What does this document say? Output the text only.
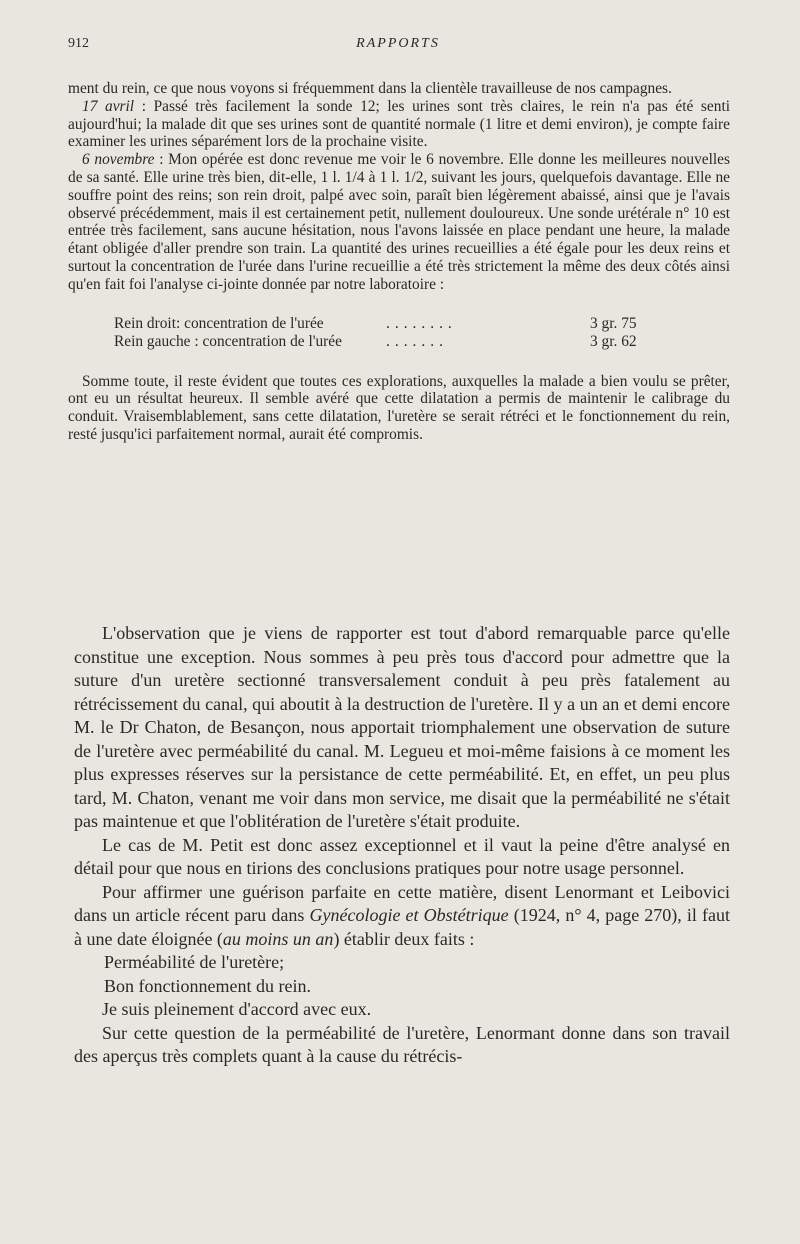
912	RAPPORTS

ment du rein, ce que nous voyons si fréquemment dans la clientèle travailleuse de nos campagnes.

17 avril : Passé très facilement la sonde 12; les urines sont très claires, le rein n'a pas été senti aujourd'hui; la malade dit que ses urines sont de quantité normale (1 litre et demi environ), je compte faire examiner les urines séparément lors de la prochaine visite.

6 novembre : Mon opérée est donc revenue me voir le 6 novembre. Elle donne les meilleures nouvelles de sa santé. Elle urine très bien, dit-elle, 1 l. 1/4 à 1 l. 1/2, suivant les jours, quelquefois davantage. Elle ne souffre point des reins; son rein droit, palpé avec soin, paraît bien légèrement abaissé, ainsi que je l'avais observé précédemment, mais il est certainement petit, nullement douloureux. Une sonde urétérale n° 10 est entrée très facilement, sans aucune hésitation, nous l'avons laissée en place pendant une heure, la malade étant obligée d'aller prendre son train. La quantité des urines recueillies a été égale pour les deux reins et surtout la concentration de l'urée dans l'urine recueillie a été très strictement la même des deux côtés ainsi qu'en fait foi l'analyse ci-jointe donnée par notre laboratoire :

Rein droit: concentration de l'urée	........	3 gr. 75
Rein gauche : concentration de l'urée	.......	3 gr. 62

Somme toute, il reste évident que toutes ces explorations, auxquelles la malade a bien voulu se prêter, ont eu un résultat heureux. Il semble avéré que cette dilatation a permis de maintenir le calibrage du conduit. Vraisemblablement, sans cette dilatation, l'uretère se serait rétréci et le fonctionnement du rein, resté jusqu'ici parfaitement normal, aurait été compromis.

L'observation que je viens de rapporter est tout d'abord remarquable parce qu'elle constitue une exception. Nous sommes à peu près tous d'accord pour admettre que la suture d'un uretère sectionné transversalement conduit à peu près fatalement au rétrécissement du canal, qui aboutit à la destruction de l'uretère. Il y a un an et demi encore M. le Dr Chaton, de Besançon, nous apportait triomphalement une observation de suture de l'uretère avec perméabilité du canal. M. Legueu et moi-même faisions à ce moment les plus expresses réserves sur la persistance de cette perméabilité. Et, en effet, un peu plus tard, M. Chaton, venant me voir dans mon service, me disait que la perméabilité ne s'était pas maintenue et que l'oblitération de l'uretère s'était produite.

Le cas de M. Petit est donc assez exceptionnel et il vaut la peine d'être analysé en détail pour que nous en tirions des conclusions pratiques pour notre usage personnel.

Pour affirmer une guérison parfaite en cette matière, disent Lenormant et Leibovici dans un article récent paru dans Gynécologie et Obstétrique (1924, n° 4, page 270), il faut à une date éloignée (au moins un an) établir deux faits :

Perméabilité de l'uretère;

Bon fonctionnement du rein.

Je suis pleinement d'accord avec eux.

Sur cette question de la perméabilité de l'uretère, Lenormant donne dans son travail des aperçus très complets quant à la cause du rétrécis-
